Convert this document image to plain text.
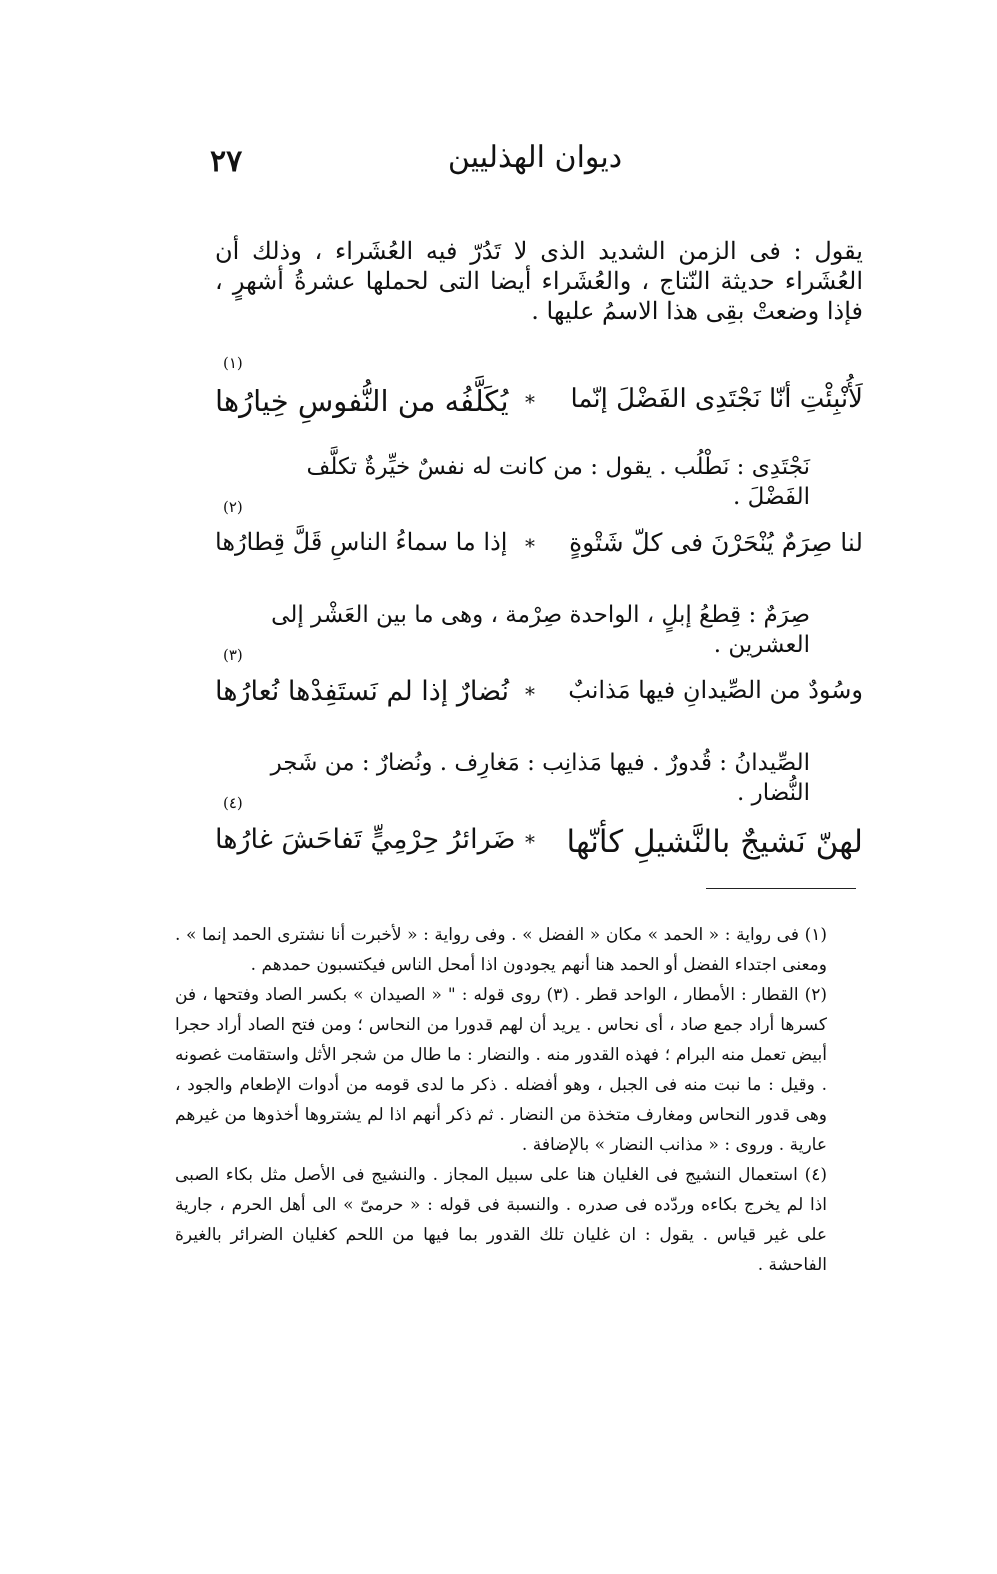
٢٧	ديوان الهذليين
يقول : فى الزمن الشديد الذى لا تَدُرّ فيه العُشَراء ، وذلك أن العُشَراء حديثة النّتاج ، والعُشَراء أيضا التى لحملها عشرةُ أشهرٍ ، فإذا وضعتْ بقِى هذا الاسمُ عليها .
لَأُنْبِئْتِ أنّا نَجْتَدِى الفَضْلَ إنّما
*
يُكَلَّفُه من النُّفوسِ خِيارُها
(١)
نَجْتَدِى : نَطْلُب . يقول : من كانت له نفسٌ خيِّرةٌ تكلَّف الفَضْلَ .
لنا صِرَمٌ يُنْحَرْنَ فى كلّ شَتْوةٍ
*
إذا ما سماءُ الناسِ قَلَّ قِطارُها
(٢)
صِرَمٌ : قِطعُ إبلٍ ، الواحدة صِرْمة ، وهى ما بين العَشْر إلى العشرين .
وسُودٌ من الصِّيدانِ فيها مَذانبٌ
*
نُضارٌ إذا لم نَستَفِدْها نُعارُها
(٣)
الصِّيدانُ : قُدورٌ . فيها مَذانِب : مَغارِف . ونُضارٌ : من شَجر النُّضار .
لهنّ نَشيجٌ بالنَّشيلِ كأنّها
*
ضَرائرُ حِرْمِيٍّ تَفاحَشَ غارُها
(٤)

(١) فى رواية : « الحمد » مكان « الفضل » . وفى رواية : « لأخبرت أنا نشترى الحمد إنما » . ومعنى اجتداء الفضل أو الحمد هنا أنهم يجودون اذا أمحل الناس فيكتسبون حمدهم .

(٢) القطار : الأمطار ، الواحد قطر . (٣) روى قوله : " « الصيدان » بكسر الصاد وفتحها ، فن كسرها أراد جمع صاد ، أى نحاس . يريد أن لهم قدورا من النحاس ؛ ومن فتح الصاد أراد حجرا أبيض تعمل منه البرام ؛ فهذه القدور منه . والنضار : ما طال من شجر الأثل واستقامت غصونه . وقيل : ما نبت منه فى الجبل ، وهو أفضله . ذكر ما لدى قومه من أدوات الإطعام والجود ، وهى قدور النحاس ومغارف متخذة من النضار . ثم ذكر أنهم اذا لم يشتروها أخذوها من غيرهم عارية . وروى : « مذانب النضار » بالإضافة .

(٤) استعمال النشيج فى الغليان هنا على سبيل المجاز . والنشيج فى الأصل مثل بكاء الصبى اذا لم يخرج بكاءه وردّده فى صدره . والنسبة فى قوله : « حرمىّ » الى أهل الحرم ، جارية على غير قياس . يقول : ان غليان تلك القدور بما فيها من اللحم كغليان الضرائر بالغيرة الفاحشة .
